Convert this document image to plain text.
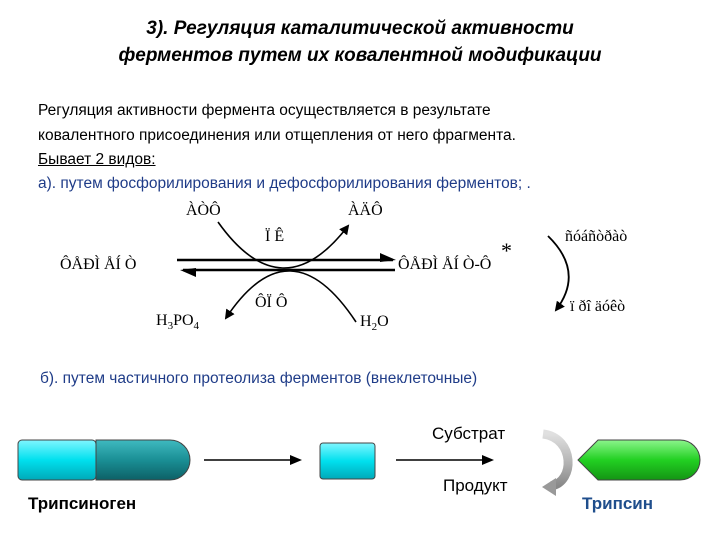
3). Регуляция каталитической активности
ферментов путем их ковалентной модификации
Регуляция активности фермента осуществляется в результате
ковалентного присоединения или отщепления от него фрагмента.
Бывает 2 видов:
а). путем фосфорилирования и дефосфорилирования ферментов; .
ÀÒÔ	ÀÄÔ
Ï Ê
ÔÅÐÌ ÅÍ Ò	ÔÅÐÌ ÅÍ Ò-Ô
*
ñóáñòðàò
ï ðî äóêò
ÔÏ Ô
$H_3PO_4$	$H_2O$
б). путем частичного протеолиза ферментов (внеклеточные)
Субстрат
Продукт
Трипсиноген	Трипсин
